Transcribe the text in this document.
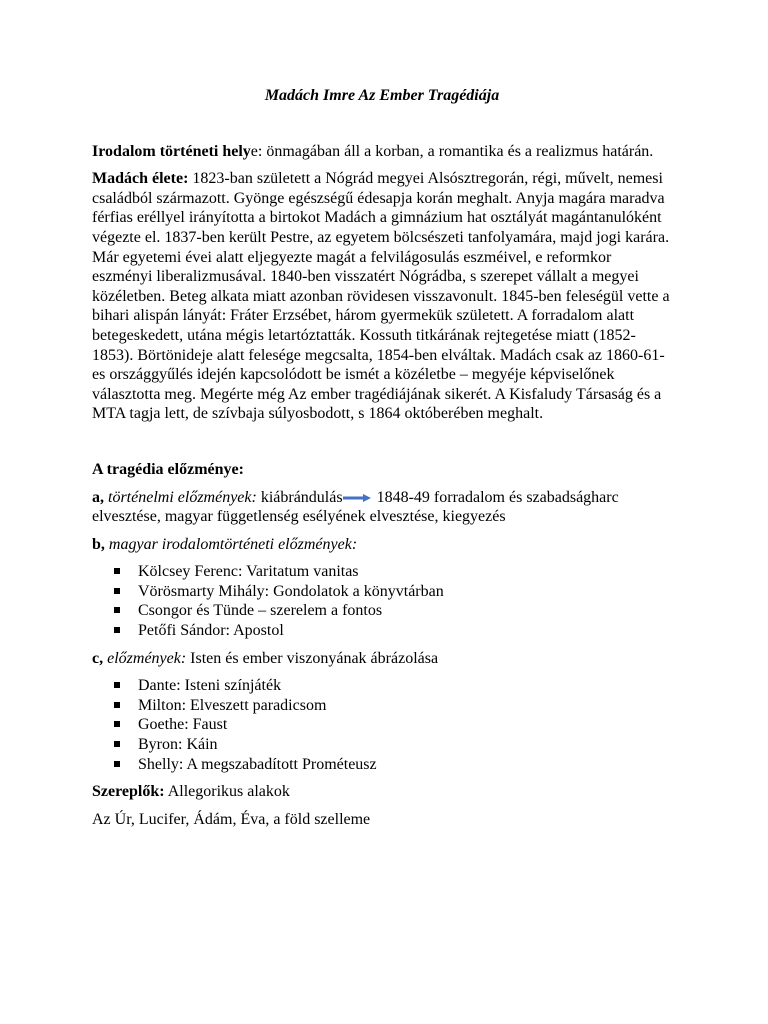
Madách Imre Az Ember Tragédiája

Irodalom történeti helye: önmagában áll a korban, a romantika és a realizmus határán.

Madách élete: 1823-ban született a Nógrád megyei Alsósztregorán, régi, művelt, nemesi családból származott. Gyönge egészségű édesapja korán meghalt. Anyja magára maradva férfias eréllyel irányította a birtokot Madách a gimnázium hat osztályát magántanulóként végezte el. 1837-ben került Pestre, az egyetem bölcsészeti tanfolyamára, majd jogi karára. Már egyetemi évei alatt eljegyezte magát a felvilágosulás eszméivel, e reformkor eszményi liberalizmusával. 1840-ben visszatért Nógrádba, s szerepet vállalt a megyei közéletben. Beteg alkata miatt azonban rövidesen visszavonult. 1845-ben feleségül vette a bihari alispán lányát: Fráter Erzsébet, három gyermekük született. A forradalom alatt betegeskedett, utána mégis letartóztatták. Kossuth titkárának rejtegetése miatt (1852-1853). Börtönideje alatt felesége megcsalta, 1854-ben elváltak. Madách csak az 1860-61-es országgyűlés idején kapcsolódott be ismét a közéletbe – megyéje képviselőnek választotta meg. Megérte még Az ember tragédiájának sikerét. A Kisfaludy Társaság és a MTA tagja lett, de szívbaja súlyosbodott, s 1864 októberében meghalt.

A tragédia előzménye:

a, történelmi előzmények: kiábrándulás 1848-49 forradalom és szabadságharc elvesztése, magyar függetlenség esélyének elvesztése, kiegyezés

b, magyar irodalomtörténeti előzmények:

Kölcsey Ferenc: Varitatum vanitas
Vörösmarty Mihály: Gondolatok a könyvtárban
Csongor és Tünde – szerelem a fontos
Petőfi Sándor: Apostol

c, előzmények: Isten és ember viszonyának ábrázolása

Dante: Isteni színjáték
Milton: Elveszett paradicsom
Goethe: Faust
Byron: Káin
Shelly: A megszabadított Prométeusz

Szereplők: Allegorikus alakok

Az Úr, Lucifer, Ádám, Éva, a föld szelleme
